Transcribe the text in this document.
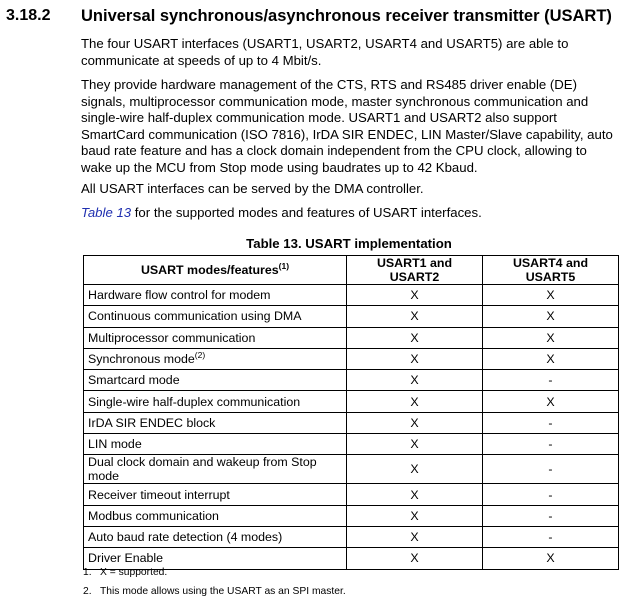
3.18.2 Universal synchronous/asynchronous receiver transmitter (USART)
The four USART interfaces (USART1, USART2, USART4 and USART5) are able to communicate at speeds of up to 4 Mbit/s.
They provide hardware management of the CTS, RTS and RS485 driver enable (DE) signals, multiprocessor communication mode, master synchronous communication and single-wire half-duplex communication mode. USART1 and USART2 also support SmartCard communication (ISO 7816), IrDA SIR ENDEC, LIN Master/Slave capability, auto baud rate feature and has a clock domain independent from the CPU clock, allowing to wake up the MCU from Stop mode using baudrates up to 42 Kbaud.
All USART interfaces can be served by the DMA controller.
Table 13 for the supported modes and features of USART interfaces.
Table 13. USART implementation
USART modes/features$^{(1)}$	USART1 and USART2	USART4 and USART5
Hardware flow control for modem	X	X
Continuous communication using DMA	X	X
Multiprocessor communication	X	X
Synchronous mode$^{(2)}$	X	X
Smartcard mode	X	-
Single-wire half-duplex communication	X	X
IrDA SIR ENDEC block	X	-
LIN mode	X	-
Dual clock domain and wakeup from Stop mode	X	-
Receiver timeout interrupt	X	-
Modbus communication	X	-
Auto baud rate detection (4 modes)	X	-
Driver Enable	X	X
1. X = supported.
2. This mode allows using the USART as an SPI master.
